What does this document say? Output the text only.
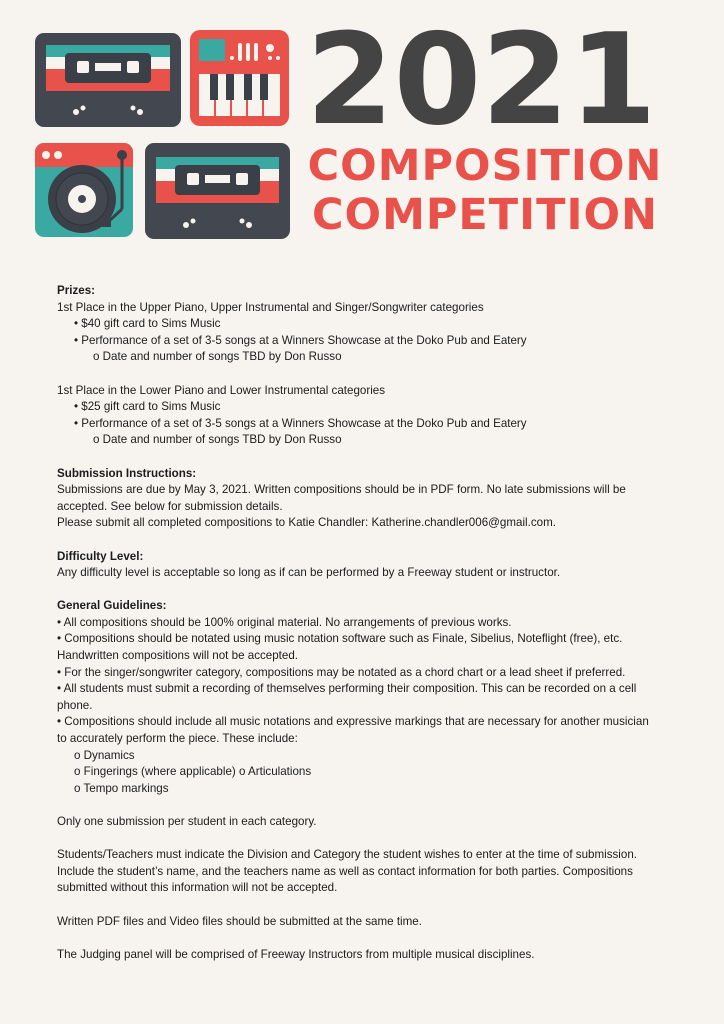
2021
COMPOSITION
COMPETITION

Prizes:

1st Place in the Upper Piano, Upper Instrumental and Singer/Songwriter categories

• $40 gift card to Sims Music

• Performance of a set of 3-5 songs at a Winners Showcase at the Doko Pub and Eatery

o Date and number of songs TBD by Don Russo

1st Place in the Lower Piano and Lower Instrumental categories

• $25 gift card to Sims Music

• Performance of a set of 3-5 songs at a Winners Showcase at the Doko Pub and Eatery

o Date and number of songs TBD by Don Russo

Submission Instructions:

Submissions are due by May 3, 2021. Written compositions should be in PDF form. No late submissions will be

accepted. See below for submission details.

Please submit all completed compositions to Katie Chandler: Katherine.chandler006@gmail.com.

Difficulty Level:

Any difficulty level is acceptable so long as if can be performed by a Freeway student or instructor.

General Guidelines:

• All compositions should be 100% original material. No arrangements of previous works.

• Compositions should be notated using music notation software such as Finale, Sibelius, Noteflight (free), etc.

Handwritten compositions will not be accepted.

• For the singer/songwriter category, compositions may be notated as a chord chart or a lead sheet if preferred.

• All students must submit a recording of themselves performing their composition. This can be recorded on a cell

phone.

• Compositions should include all music notations and expressive markings that are necessary for another musician

to accurately perform the piece. These include:

o Dynamics

o Fingerings (where applicable) o Articulations

o Tempo markings

Only one submission per student in each category.

Students/Teachers must indicate the Division and Category the student wishes to enter at the time of submission.

Include the student’s name, and the teachers name as well as contact information for both parties. Compositions

submitted without this information will not be accepted.

Written PDF files and Video files should be submitted at the same time.

The Judging panel will be comprised of Freeway Instructors from multiple musical disciplines.
